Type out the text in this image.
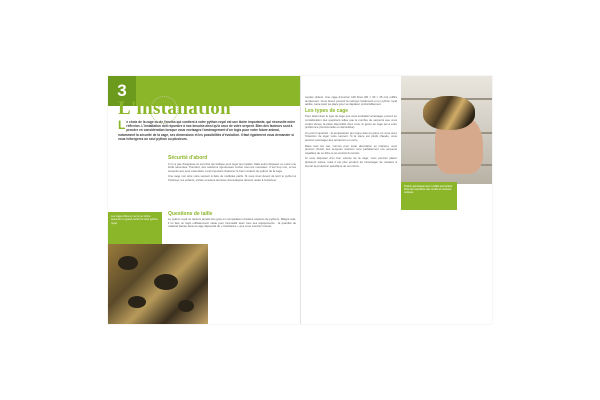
3
L'installation
L e choix de la cage ou de l'enclos qui contient à votre python royal est une tâche importante, qui nécessite mûre réflexion. L'installation doit répondre à nos besoins ainsi qu'à ceux de votre serpent. Bien des facteurs sont à prendre en considération lorsque vous envisagez l'aménagement d'un logis pour votre future animal, notamment la sécurité de la cage, ses dimensions et les possibilités d'évolution. Il faut également vous demander si vous hébergerez un seul python ou plusieurs.
Sécurité d'abord

Il n'y a pas d'angoisse ici est chiot qui trafique pour loger les reptiles. Mais selon disposez en outre une boîte sécurisée. Pourtant, des solutions rigoureuses cocher tous les nouveaux. C'est trop non, et les serpents aux pour essentiels, il est important d'assurer le bien contient de python de la cage.

Une cage non sûre votre serpent à faire de multiples périls. Si vous vivez devez de tenir le python à l'intérieur, les enfants, invités et autres animaux domestiques doivent rester à l'extérieur.

Questions de taille

Le python royal ne devient jamais très gros en comparaison d'autres espèces de pythons. Malgré cela, il lui faut un logis suffisamment vaste pour l'accueillir avec tous ses équipements : la quantité de matériel placée dans la cage dépendra de « l'ambiance » que vous voudrez recréer.

Les cages dites en verre ou vitrine assurent un grand confort à votre python royal.

roudes obtient. Une cage d'environ 100 litres (90 × 30 × 45 cm) suffira amplement. Vous devez pouvoir la nettoyer facilement et un python royal adulte, toute avoir sa place pour se déplacer confortablement.

Les types de cage

Pour déterminer le type de cage que vous souhaitez aménager, prenez en considération des questions telles que le nombre de serpents que vous voulez élever, la place disponible chez vous, le genre de cage qui a votre préférence (fonctionnelle ou décorative).

Un point important : la température qui règne dans la pièce où vous avez l'intention de loger votre serpent. Si la pièce est plutôt chaude, vous pourrez aménager des terrariums en verre.

Dans tous les cas, comme pour toute décoration en intérieur, vous pourrez choisir des serpents vivarium sont parfaitement vos serpents capables de se fiche à cet endroit du terrain.

Si vous disposez d'un bon volume de la cage, vous pourrez placer plusieurs sortes, mais il est plus prudent de l'aménager de manière à fournir la protection spécifique de son choix.

Python génétiquement modifié permettant ainsi de reproduire des motifs et couleurs uniques.
